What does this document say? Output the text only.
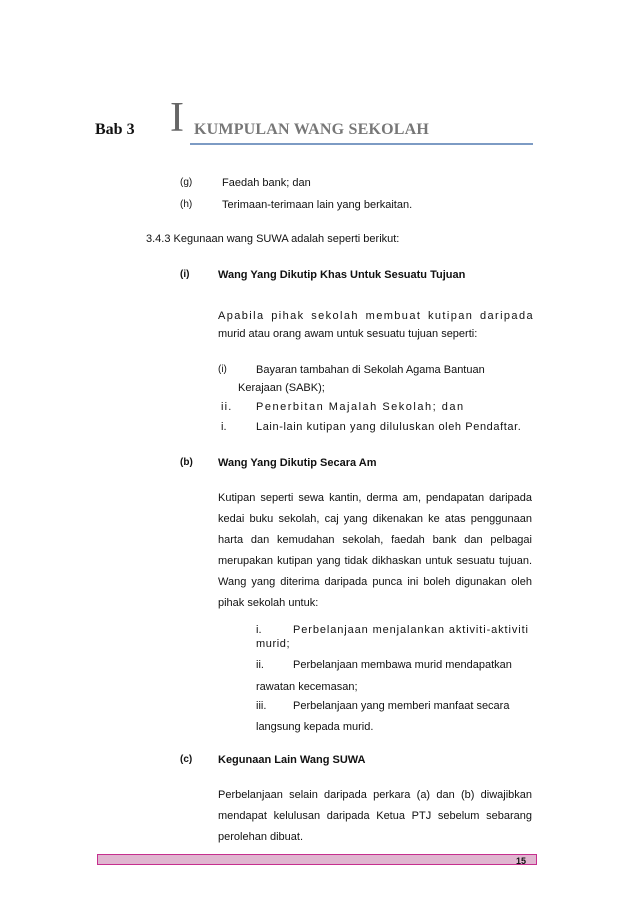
Bab 3 I KUMPULAN WANG SEKOLAH
(g)	Faedah bank; dan
(h)	Terimaan-terimaan lain yang berkaitan.
3.4.3 Kegunaan wang SUWA adalah seperti berikut:
(i)	Wang Yang Dikutip Khas Untuk Sesuatu Tujuan
Apabila pihak sekolah membuat kutipan daripada
murid atau orang awam untuk sesuatu tujuan seperti:
(i)	Bayaran tambahan di Sekolah Agama Bantuan
Kerajaan (SABK);
ii. Penerbitan Majalah Sekolah; dan
i.	Lain-lain kutipan yang diluluskan oleh Pendaftar.
(b) Wang Yang Dikutip Secara Am
Kutipan seperti sewa kantin, derma am, pendapatan daripada kedai buku sekolah, caj yang dikenakan ke atas penggunaan harta dan kemudahan sekolah, faedah bank dan pelbagai merupakan kutipan yang tidak dikhaskan untuk sesuatu tujuan. Wang yang diterima daripada punca ini boleh digunakan oleh pihak sekolah untuk:
i.	Perbelanjaan menjalankan aktiviti-aktiviti
murid;
ii.	Perbelanjaan membawa murid mendapatkan
rawatan kecemasan;
iii. Perbelanjaan yang memberi manfaat secara
langsung kepada murid.
(c) Kegunaan Lain Wang SUWA
Perbelanjaan selain daripada perkara (a) dan (b) diwajibkan mendapat kelulusan daripada Ketua PTJ sebelum sebarang perolehan dibuat.
15
